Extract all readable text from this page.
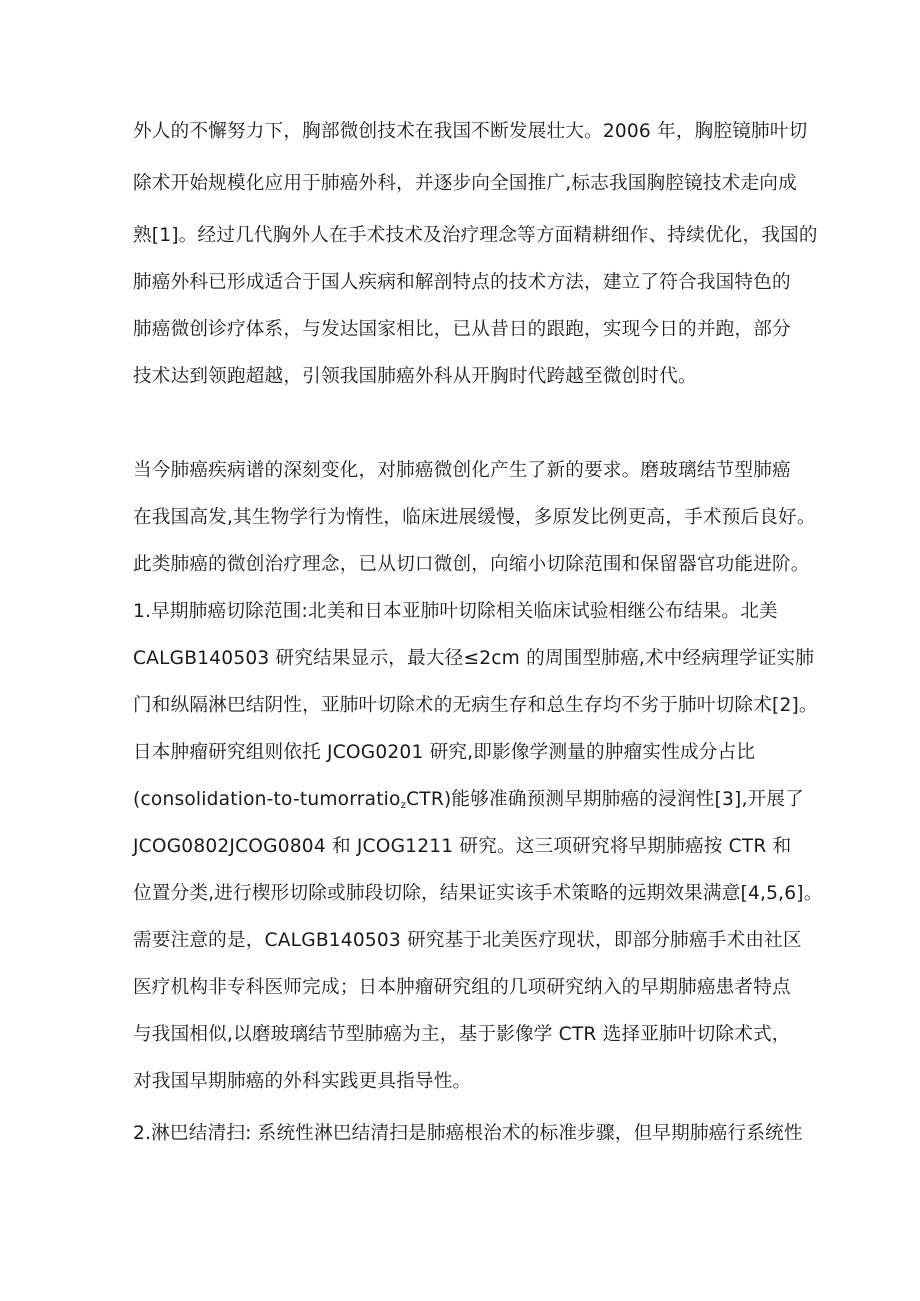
外人的不懈努力下，胸部微创技术在我国不断发展壮大。2006 年，胸腔镜肺叶切
除术开始规模化应用于肺癌外科，并逐步向全国推广,标志我国胸腔镜技术走向成
熟[1]。经过几代胸外人在手术技术及治疗理念等方面精耕细作、持续优化，我国的
肺癌外科已形成适合于国人疾病和解剖特点的技术方法，建立了符合我国特色的
肺癌微创诊疗体系，与发达国家相比，已从昔日的跟跑，实现今日的并跑，部分
技术达到领跑超越，引领我国肺癌外科从开胸时代跨越至微创时代。
当今肺癌疾病谱的深刻变化，对肺癌微创化产生了新的要求。磨玻璃结节型肺癌
在我国高发,其生物学行为惰性，临床进展缓慢，多原发比例更高，手术预后良好。
此类肺癌的微创治疗理念，已从切口微创，向缩小切除范围和保留器官功能进阶。
1.早期肺癌切除范围:北美和日本亚肺叶切除相关临床试验相继公布结果。北美
CALGB140503 研究结果显示，最大径≤2cm 的周围型肺癌,术中经病理学证实肺
门和纵隔淋巴结阴性，亚肺叶切除术的无病生存和总生存均不劣于肺叶切除术[2]。
日本肿瘤研究组则依托 JCOG0201 研究,即影像学测量的肿瘤实性成分占比
(consolidation-to-tumorratio$_z$CTR)能够准确预测早期肺癌的浸润性[3],开展了
JCOG0802JCOG0804 和 JCOG1211 研究。这三项研究将早期肺癌按 CTR 和
位置分类,进行楔形切除或肺段切除，结果证实该手术策略的远期效果满意[4,5,6]。
需要注意的是，CALGB140503 研究基于北美医疗现状，即部分肺癌手术由社区
医疗机构非专科医师完成；日本肿瘤研究组的几项研究纳入的早期肺癌患者特点
与我国相似,以磨玻璃结节型肺癌为主，基于影像学 CTR 选择亚肺叶切除术式，
对我国早期肺癌的外科实践更具指导性。
2.淋巴结清扫: 系统性淋巴结清扫是肺癌根治术的标准步骤，但早期肺癌行系统性
